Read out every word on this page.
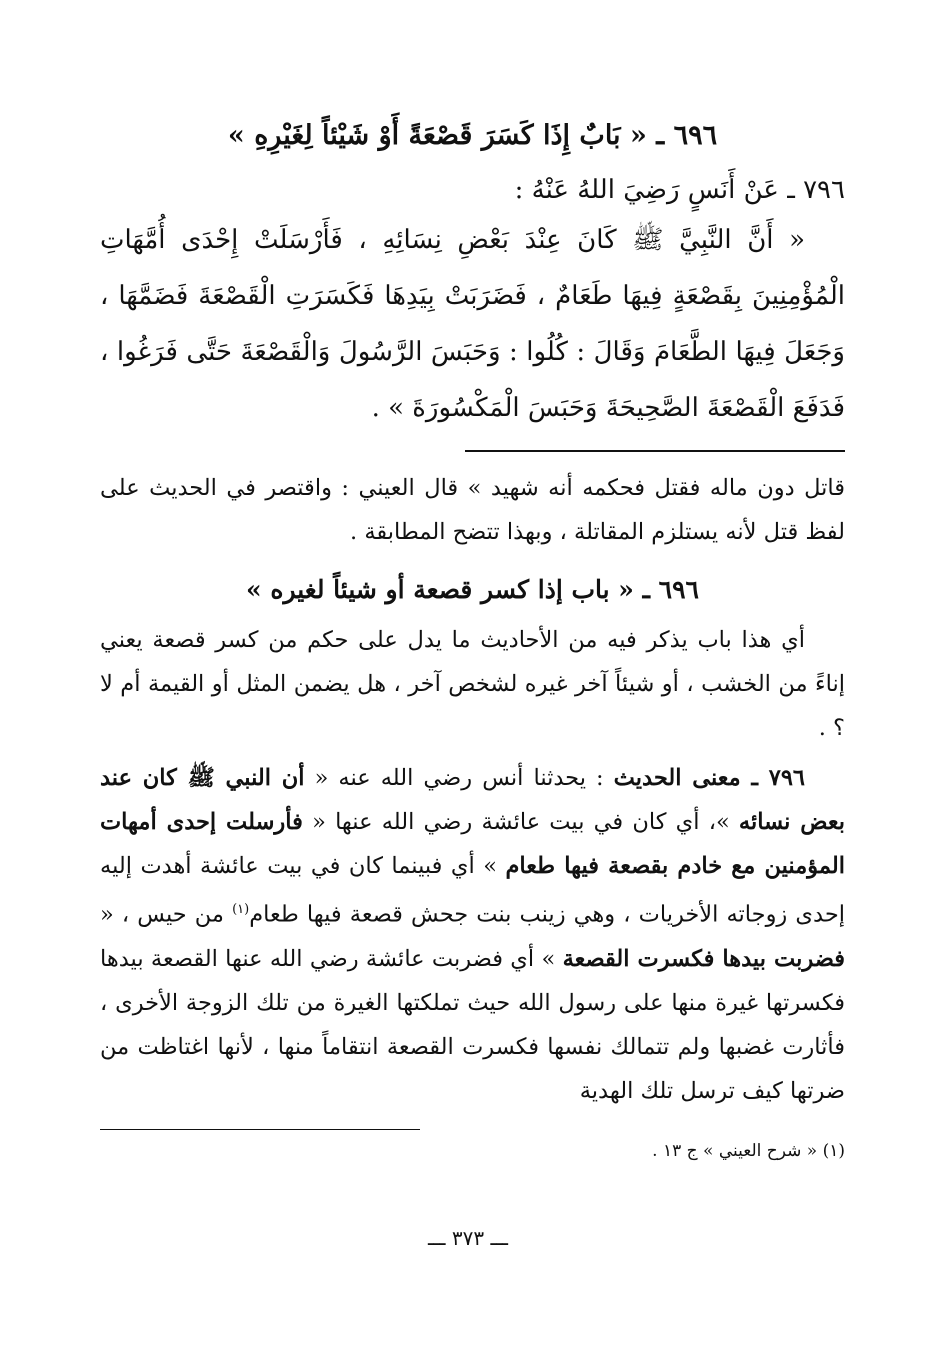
٦٩٦ ـ « بَابٌ إِذَا كَسَرَ قَصْعَةً أَوْ شَيْئاً لِغَيْرِهِ »

٧٩٦ ـ عَنْ أَنَسٍ رَضِيَ اللهُ عَنْهُ :

« أَنَّ النَّبِيَّ ﷺ كَانَ عِنْدَ بَعْضِ نِسَائِهِ ، فَأَرْسَلَتْ إِحْدَى أُمَّهَاتِ الْمُؤْمِنِينَ بِقَصْعَةٍ فِيهَا طَعَامٌ ، فَضَرَبَتْ بِيَدِهَا فَكَسَرَتِ الْقَصْعَةَ فَضَمَّهَا ، وَجَعَلَ فِيهَا الطَّعَامَ وَقَالَ : كُلُوا : وَحَبَسَ الرَّسُولَ وَالْقَصْعَةَ حَتَّى فَرَغُوا ، فَدَفَعَ الْقَصْعَةَ الصَّحِيحَةَ وَحَبَسَ الْمَكْسُورَةَ » .

قاتل دون ماله فقتل فحكمه أنه شهيد » قال العيني : واقتصر في الحديث على لفظ قتل لأنه يستلزم المقاتلة ، وبهذا تتضح المطابقة .

٦٩٦ ـ « باب إذا كسر قصعة أو شيئاً لغيره »

أي هذا باب يذكر فيه من الأحاديث ما يدل على حكم من كسر قصعة يعني إناءً من الخشب ، أو شيئاً آخر غيره لشخص آخر ، هل يضمن المثل أو القيمة أم لا ؟ .

٧٩٦ ـ معنى الحديث : يحدثنا أنس رضي الله عنه « أن النبي ﷺ كان عند بعض نسائه »، أي كان في بيت عائشة رضي الله عنها « فأرسلت إحدى أمهات المؤمنين مع خادم بقصعة فيها طعام » أي فبينما كان في بيت عائشة أهدت إليه إحدى زوجاته الأخريات ، وهي زينب بنت جحش قصعة فيها طعام$^{(١)}$ من حيس ، « فضربت بيدها فكسرت القصعة » أي فضربت عائشة رضي الله عنها القصعة بيدها فكسرتها غيرة منها على رسول الله حيث تملكتها الغيرة من تلك الزوجة الأخرى ، فأثارت غضبها ولم تتمالك نفسها فكسرت القصعة انتقاماً منها ، لأنها اغتاظت من ضرتها كيف ترسل تلك الهدية

(١) « شرح العيني » ج ١٣ .

ـــ ٣٧٣ ـــ
